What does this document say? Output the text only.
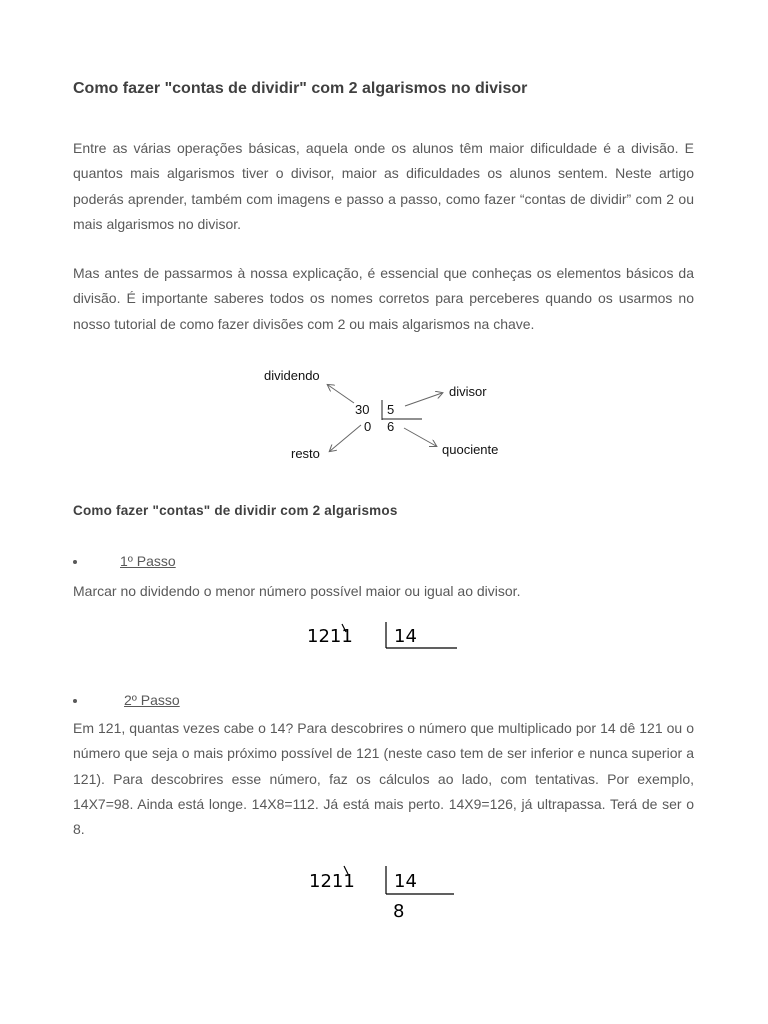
Como fazer "contas de dividir" com 2 algarismos no divisor

Entre as várias operações básicas, aquela onde os alunos têm maior dificuldade é a divisão. E quantos mais algarismos tiver o divisor, maior as dificuldades os alunos sentem. Neste artigo poderás aprender, também com imagens e passo a passo, como fazer “contas de dividir” com 2 ou mais algarismos no divisor.

Mas antes de passarmos à nossa explicação, é essencial que conheças os elementos básicos da divisão. É importante saberes todos os nomes corretos para perceberes quando os usarmos no nosso tutorial de como fazer divisões com 2 ou mais algarismos na chave.

dividendo
divisor
resto	quociente
30 5
0 6
Como fazer "contas" de dividir com 2 algarismos
1º Passo

Marcar no dividendo o menor número possível maior ou igual ao divisor.

1211 14
2º Passo

Em 121, quantas vezes cabe o 14? Para descobrires o número que multiplicado por 14 dê 121 ou o número que seja o mais próximo possível de 121 (neste caso tem de ser inferior e nunca superior a 121). Para descobrires esse número, faz os cálculos ao lado, com tentativas. Por exemplo, 14X7=98. Ainda está longe. 14X8=112. Já está mais perto. 14X9=126, já ultrapassa. Terá de ser o 8.

1211 14
8
